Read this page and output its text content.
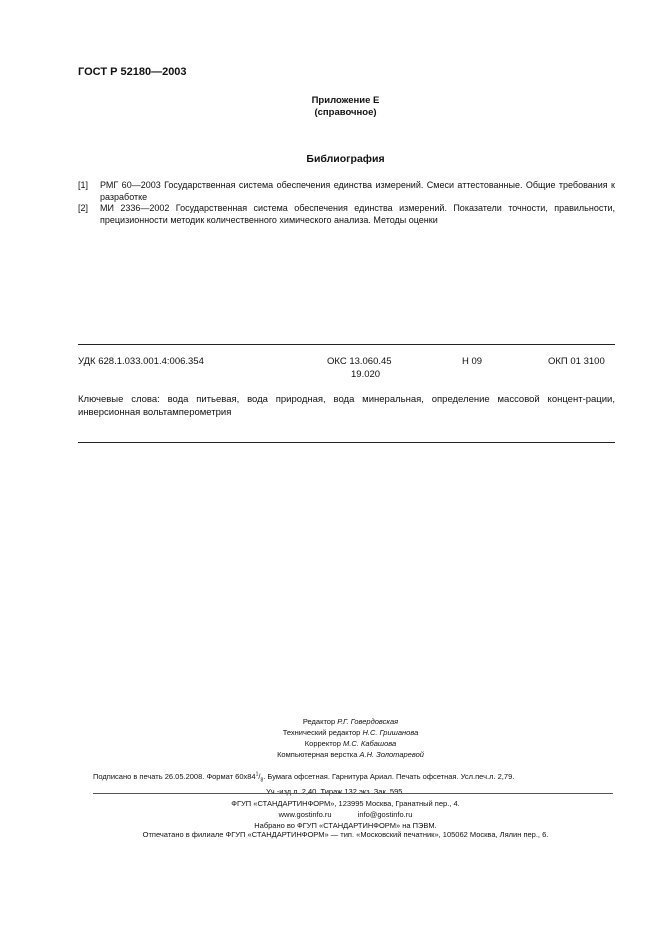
ГОСТ Р 52180—2003
Приложение Е
(справочное)
Библиография
[1] РМГ 60—2003 Государственная система обеспечения единства измерений. Смеси аттестованные. Общие требования к разработке
[2] МИ 2336—2002 Государственная система обеспечения единства измерений. Показатели точности, правильности, прецизионности методик количественного химического анализа. Методы оценки
УДК 628.1.033.001.4:006.354	ОКС 13.060.45
19.020
Н 09	ОКП 01 3100
Ключевые слова: вода питьевая, вода природная, вода минеральная, определение массовой концент-рации, инверсионная вольтамперометрия
Редактор Р.Г. Говердовская
Технический редактор Н.С. Гришанова
Корректор М.С. Кабашова
Компьютерная верстка А.Н. Золотаревой
Подписано в печать 26.05.2008. Формат $60x84^1/_8$. Бумага офсетная. Гарнитура Ариал. Печать офсетная. Усл.печ.л. 2,79.
Уч.-изд.л. 2,40. Тираж 132 экз. Зак. 595.
ФГУП «СТАНДАРТИНФОРМ», 123995 Москва, Гранатный пер., 4.
www.gostinfo.ru	info@gostinfo.ru
Набрано во ФГУП «СТАНДАРТИНФОРМ» на ПЭВМ.
Отпечатано в филиале ФГУП «СТАНДАРТИНФОРМ» — тип. «Московский печатник», 105062 Москва, Лялин пер., 6.
